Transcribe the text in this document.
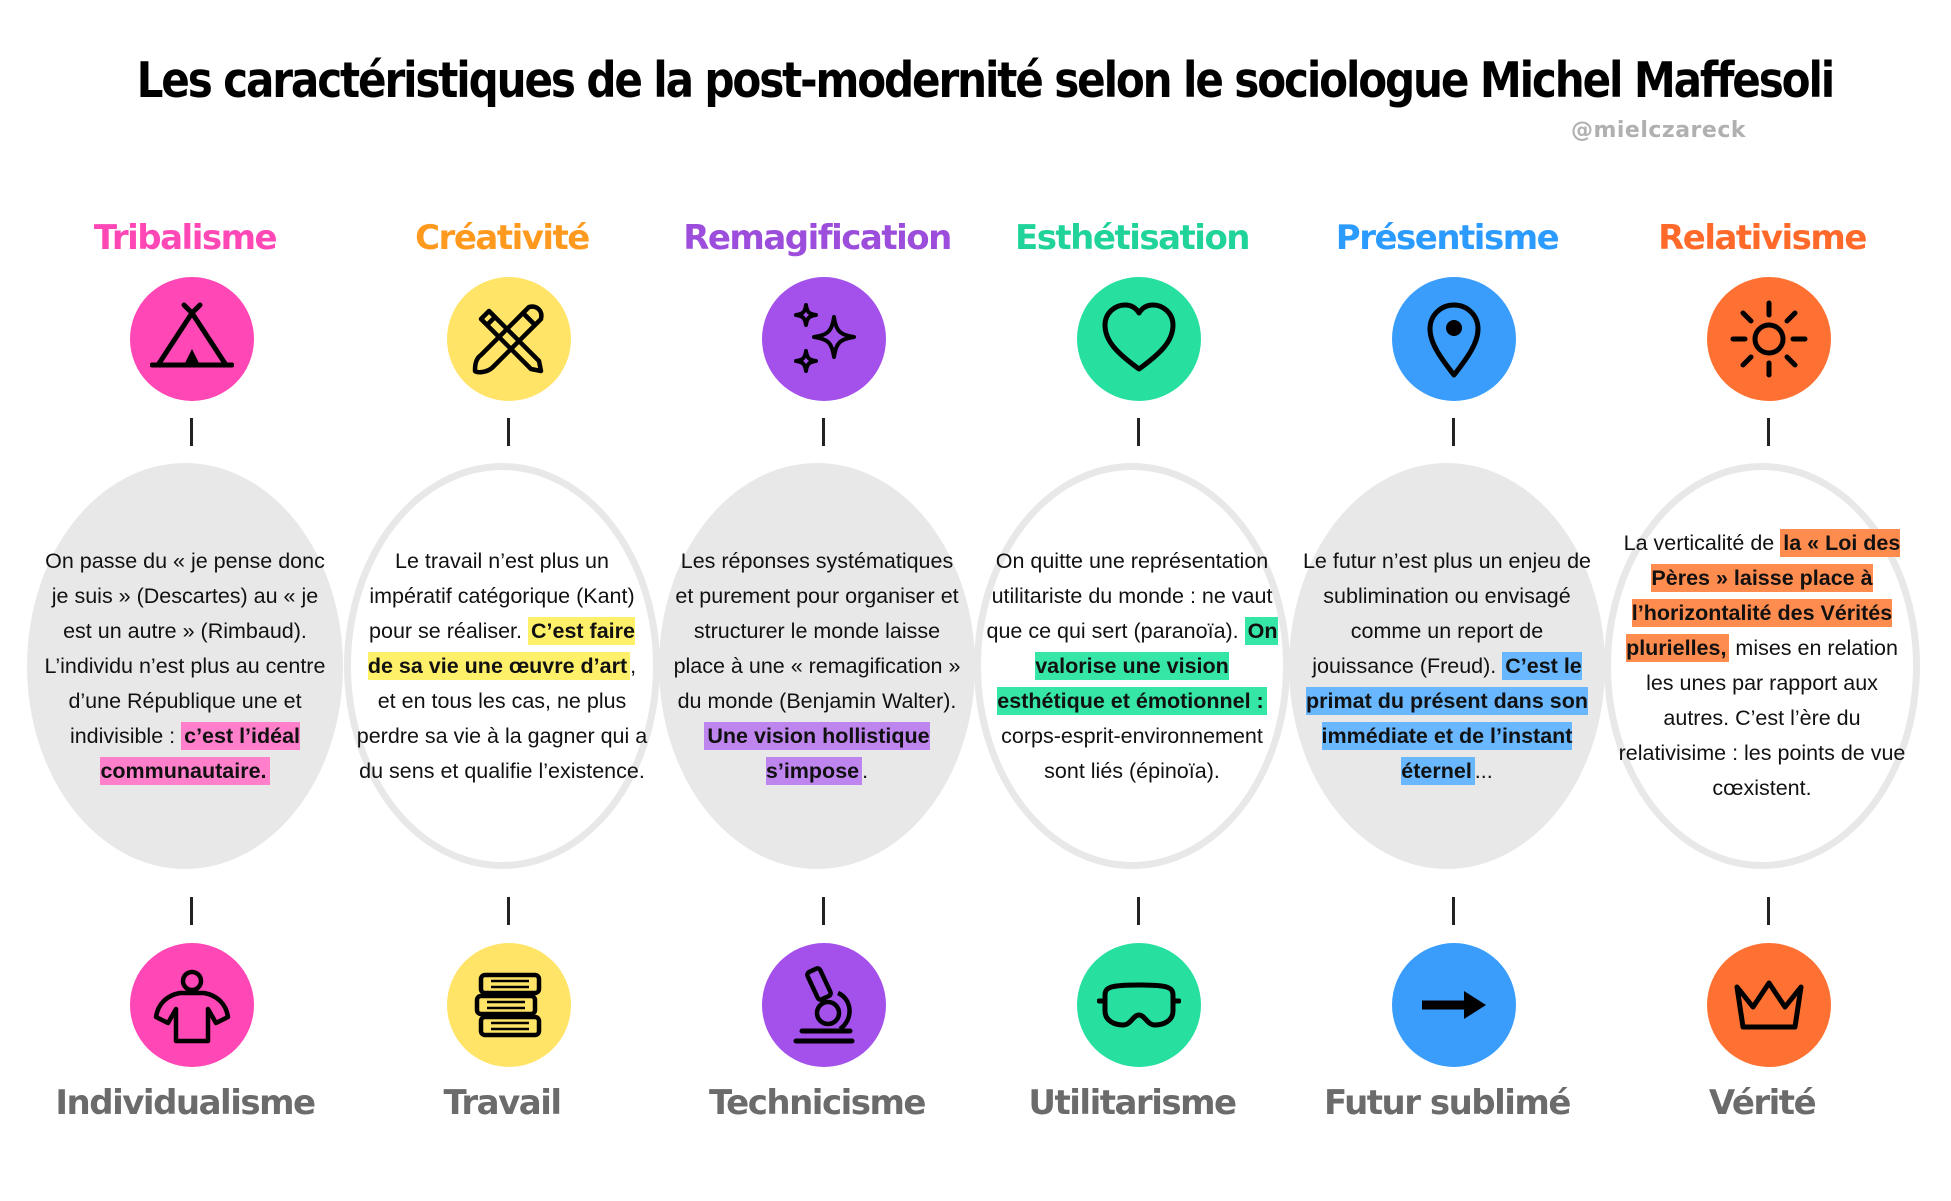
Les caractéristiques de la post-modernité selon le sociologue Michel Maffesoli
@mielczareck
Tribalisme
On passe du « je pense donc je suis » (Descartes) au « je est un autre » (Rimbaud). L’individu n’est plus au centre d’une République une et indivisible : c’est l’idéal communautaire.
Individualisme
Créativité
Le travail n’est plus un impératif catégorique (Kant) pour se réaliser. C’est faire de sa vie une œuvre d’art , et en tous les cas, ne plus perdre sa vie à la gagner qui a du sens et qualifie l’existence.
Travail
Remagification
Les réponses systématiques et purement pour organiser et structurer le monde laisse place à une « remagification » du monde (Benjamin Walter). Une vision hollistique s’impose .
Technicisme
Esthétisation
On quitte une représentation utilitariste du monde : ne vaut que ce qui sert (paranoïa). On valorise une vision esthétique et émotionnel : corps-esprit-environnement sont liés (épinoïa).
Utilitarisme
Présentisme
Le futur n’est plus un enjeu de sublimination ou envisagé comme un report de jouissance (Freud). C’est le primat du présent dans son immédiate et de l’instant éternel ...
Futur sublimé
Relativisme
La verticalité de la « Loi des Pères » laisse place à l’horizontalité des Vérités plurielles, mises en relation les unes par rapport aux autres. C’est l’ère du relativisime : les points de vue cœxistent.
Vérité
